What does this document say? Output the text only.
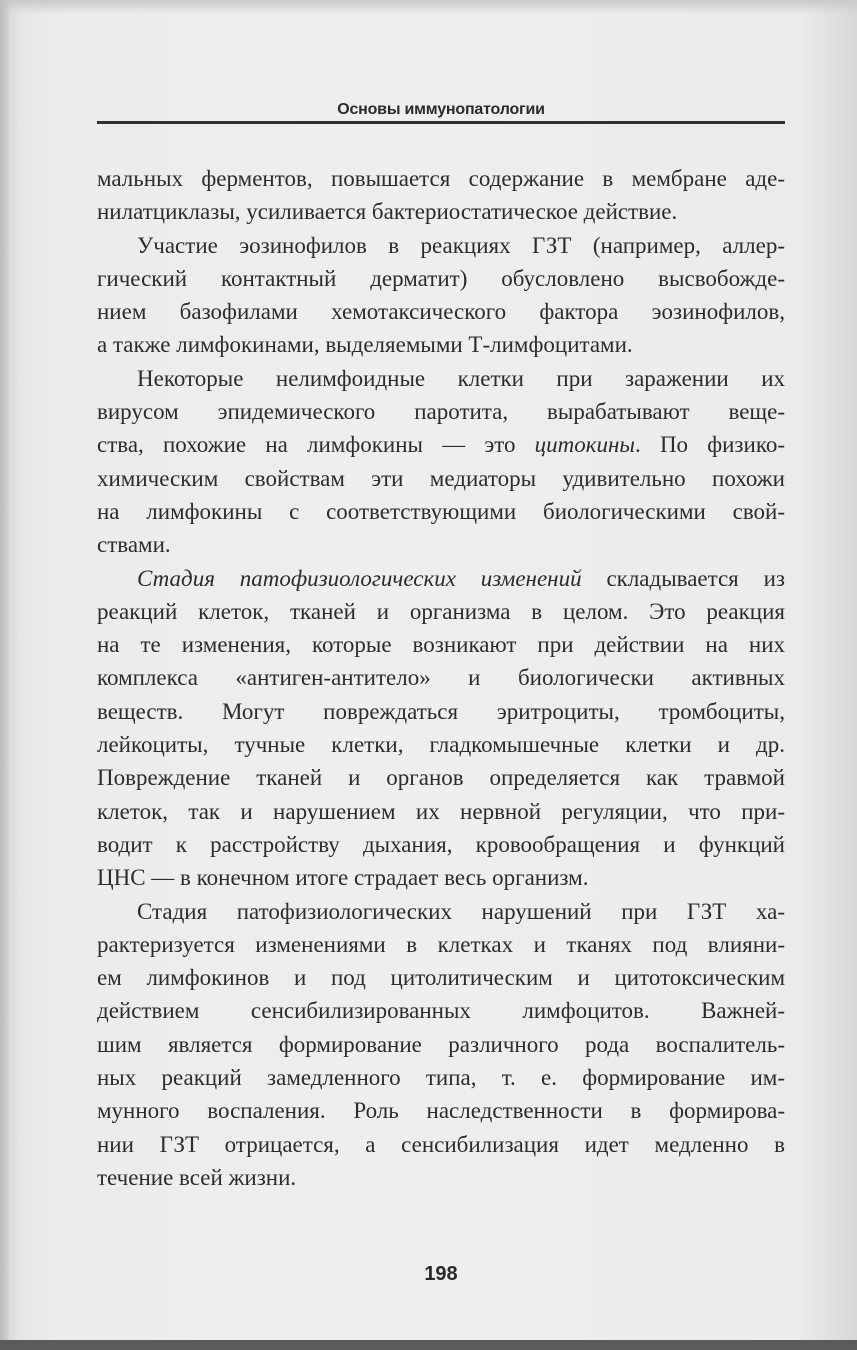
Основы иммунопатологии
мальных ферментов, повышается содержание в мембране аде-
нилатциклазы, усиливается бактериостатическое действие.
Участие эозинофилов в реакциях ГЗТ (например, аллер-
гический контактный дерматит) обусловлено высвобожде-
нием базофилами хемотаксического фактора эозинофилов,
а также лимфокинами, выделяемыми Т-лимфоцитами.
Некоторые нелимфоидные клетки при заражении их
вирусом эпидемического паротита, вырабатывают веще-
ства, похожие на лимфокины — это цитокины. По физико-
химическим свойствам эти медиаторы удивительно похожи
на лимфокины с соответствующими биологическими свой-
ствами.
Стадия патофизиологических изменений складывается из
реакций клеток, тканей и организма в целом. Это реакция
на те изменения, которые возникают при действии на них
комплекса «антиген-антитело» и биологически активных
веществ. Могут повреждаться эритроциты, тромбоциты,
лейкоциты, тучные клетки, гладкомышечные клетки и др.
Повреждение тканей и органов определяется как травмой
клеток, так и нарушением их нервной регуляции, что при-
водит к расстройству дыхания, кровообращения и функций
ЦНС — в конечном итоге страдает весь организм.
Стадия патофизиологических нарушений при ГЗТ ха-
рактеризуется изменениями в клетках и тканях под влияни-
ем лимфокинов и под цитолитическим и цитотоксическим
действием сенсибилизированных лимфоцитов. Важней-
шим является формирование различного рода воспалитель-
ных реакций замедленного типа, т. е. формирование им-
мунного воспаления. Роль наследственности в формирова-
нии ГЗТ отрицается, а сенсибилизация идет медленно в
течение всей жизни.
198
